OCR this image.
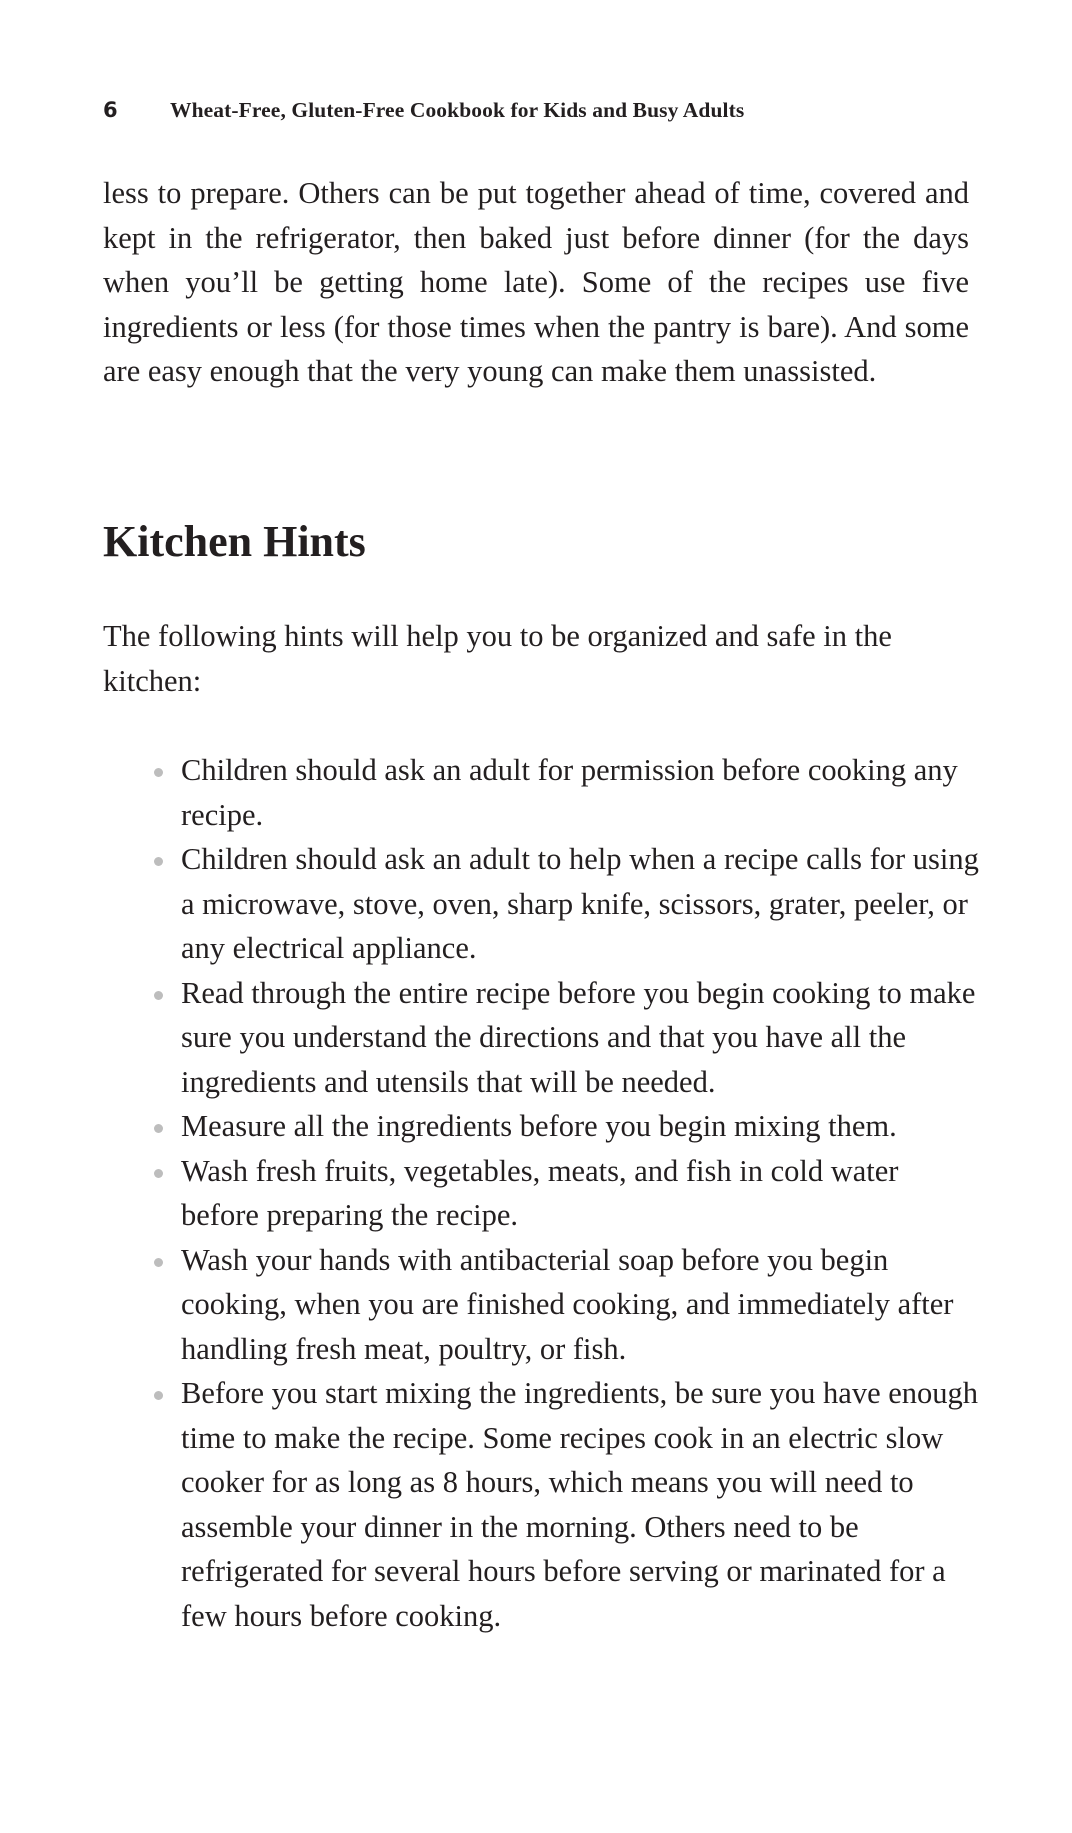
6	Wheat-Free, Gluten-Free Cookbook for Kids and Busy Adults

less to prepare. Others can be put together ahead of time, covered and kept in the refrigerator, then baked just before dinner (for the days when you’ll be getting home late). Some of the recipes use five ingredients or less (for those times when the pantry is bare). And some are easy enough that the very young can make them unassisted.

Kitchen Hints

The following hints will help you to be organized and safe in the kitchen:

Children should ask an adult for permission before cooking any recipe.
Children should ask an adult to help when a recipe calls for using a microwave, stove, oven, sharp knife, scissors, grater, peeler, or any electrical appliance.
Read through the entire recipe before you begin cooking to make sure you understand the directions and that you have all the ingredients and utensils that will be needed.
Measure all the ingredients before you begin mixing them.
Wash fresh fruits, vegetables, meats, and fish in cold water before preparing the recipe.
Wash your hands with antibacterial soap before you begin cooking, when you are finished cooking, and immediately after handling fresh meat, poultry, or fish.
Before you start mixing the ingredients, be sure you have enough time to make the recipe. Some recipes cook in an electric slow cooker for as long as 8 hours, which means you will need to assemble your dinner in the morning. Others need to be refrigerated for several hours before serving or marinated for a few hours before cooking.
